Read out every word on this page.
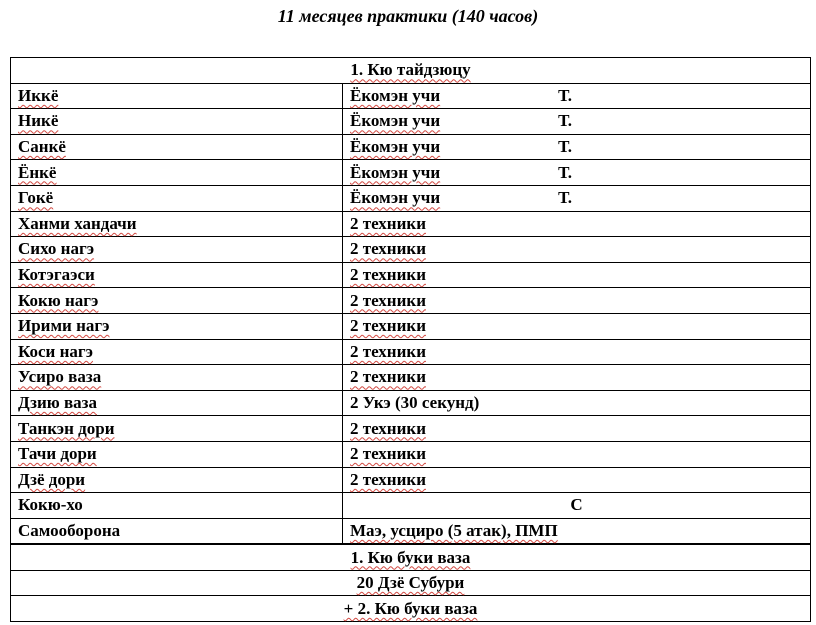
11 месяцев практики (140 часов)
1. Кю тайдзюцу	
Иккё	Ёкомэн учи Т.
Никё	Ёкомэн учи Т.
Санкё	Ёкомэн учи Т.
Ёнкё	Ёкомэн учи Т.
Гокё	Ёкомэн учи Т.
Ханми хандачи	2 техники
Сихо нагэ	2 техники
Котэгаэси	2 техники
Кокю нагэ	2 техники
Ирими нагэ	2 техники
Коси нагэ	2 техники
Усиро ваза	2 техники
Дзию ваза	2 Укэ (30 секунд)
Танкэн дори	2 техники
Тачи дори	2 техники
Дзё дори	2 техники
Кокю-хо	С
Самооборона	Маэ, усциро (5 атак), ПМП
1. Кю буки ваза	
20 Дзё Субури	
+ 2. Кю буки ваза	
